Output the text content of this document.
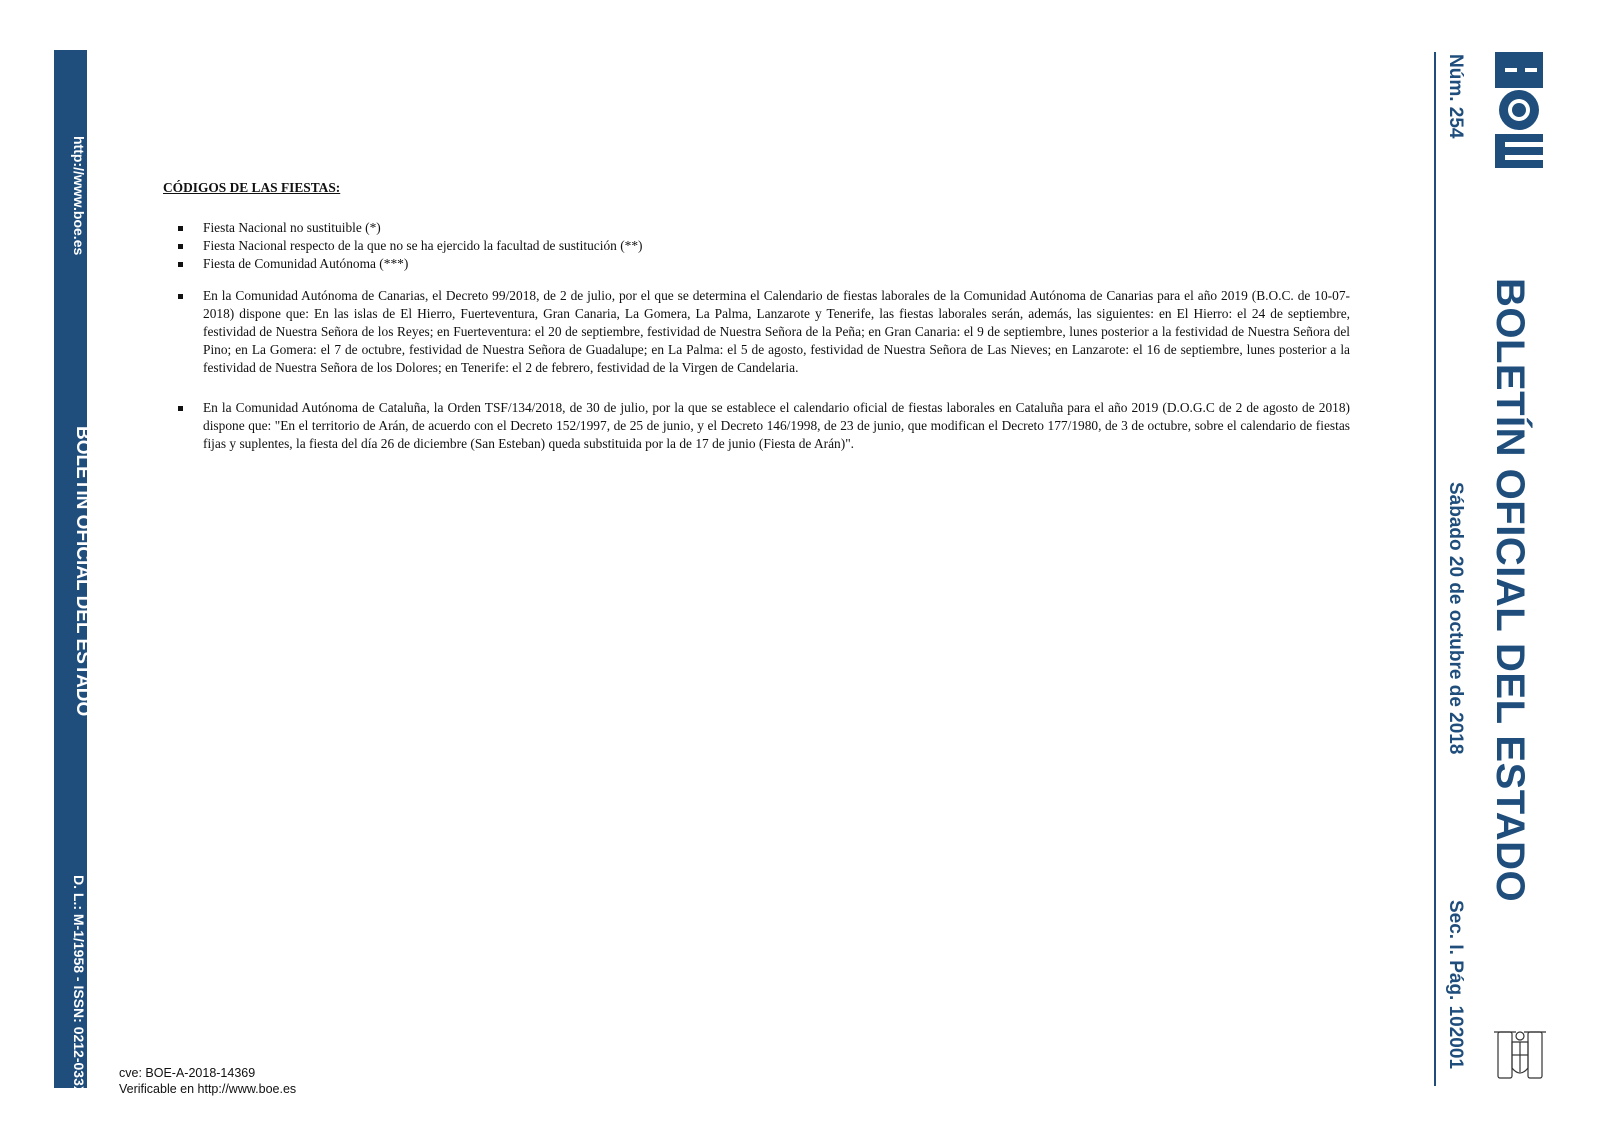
http://www.boe.es
BOLETÍN OFICIAL DEL ESTADO
D. L.: M-1/1958 - ISSN: 0212-033X
Núm. 254
Sábado 20 de octubre de 2018
Sec. I. Pág. 102001
BOLETÍN OFICIAL DEL ESTADO
CÓDIGOS DE LAS FIESTAS:
Fiesta Nacional no sustituible (*)
Fiesta Nacional respecto de la que no se ha ejercido la facultad de sustitución (**)
Fiesta de Comunidad Autónoma (***)

En la Comunidad Autónoma de Canarias, el Decreto 99/2018, de 2 de julio, por el que se determina el Calendario de fiestas laborales de la Comunidad Autónoma de Canarias para el año 2019 (B.O.C. de 10-07-2018) dispone que: En las islas de El Hierro, Fuerteventura, Gran Canaria, La Gomera, La Palma, Lanzarote y Tenerife, las fiestas laborales serán, además, las siguientes: en El Hierro: el 24 de septiembre, festividad de Nuestra Señora de los Reyes; en Fuerteventura: el 20 de septiembre, festividad de Nuestra Señora de la Peña; en Gran Canaria: el 9 de septiembre, lunes posterior a la festividad de Nuestra Señora del Pino; en La Gomera: el 7 de octubre, festividad de Nuestra Señora de Guadalupe; en La Palma: el 5 de agosto, festividad de Nuestra Señora de Las Nieves; en Lanzarote: el 16 de septiembre, lunes posterior a la festividad de Nuestra Señora de los Dolores; en Tenerife: el 2 de febrero, festividad de la Virgen de Candelaria.

En la Comunidad Autónoma de Cataluña, la Orden TSF/134/2018, de 30 de julio, por la que se establece el calendario oficial de fiestas laborales en Cataluña para el año 2019 (D.O.G.C de 2 de agosto de 2018) dispone que: "En el territorio de Arán, de acuerdo con el Decreto 152/1997, de 25 de junio, y el Decreto 146/1998, de 23 de junio, que modifican el Decreto 177/1980, de 3 de octubre, sobre el calendario de fiestas fijas y suplentes, la fiesta del día 26 de diciembre (San Esteban) queda substituida por la de 17 de junio (Fiesta de Arán)".

cve: BOE-A-2018-14369
Verificable en http://www.boe.es
